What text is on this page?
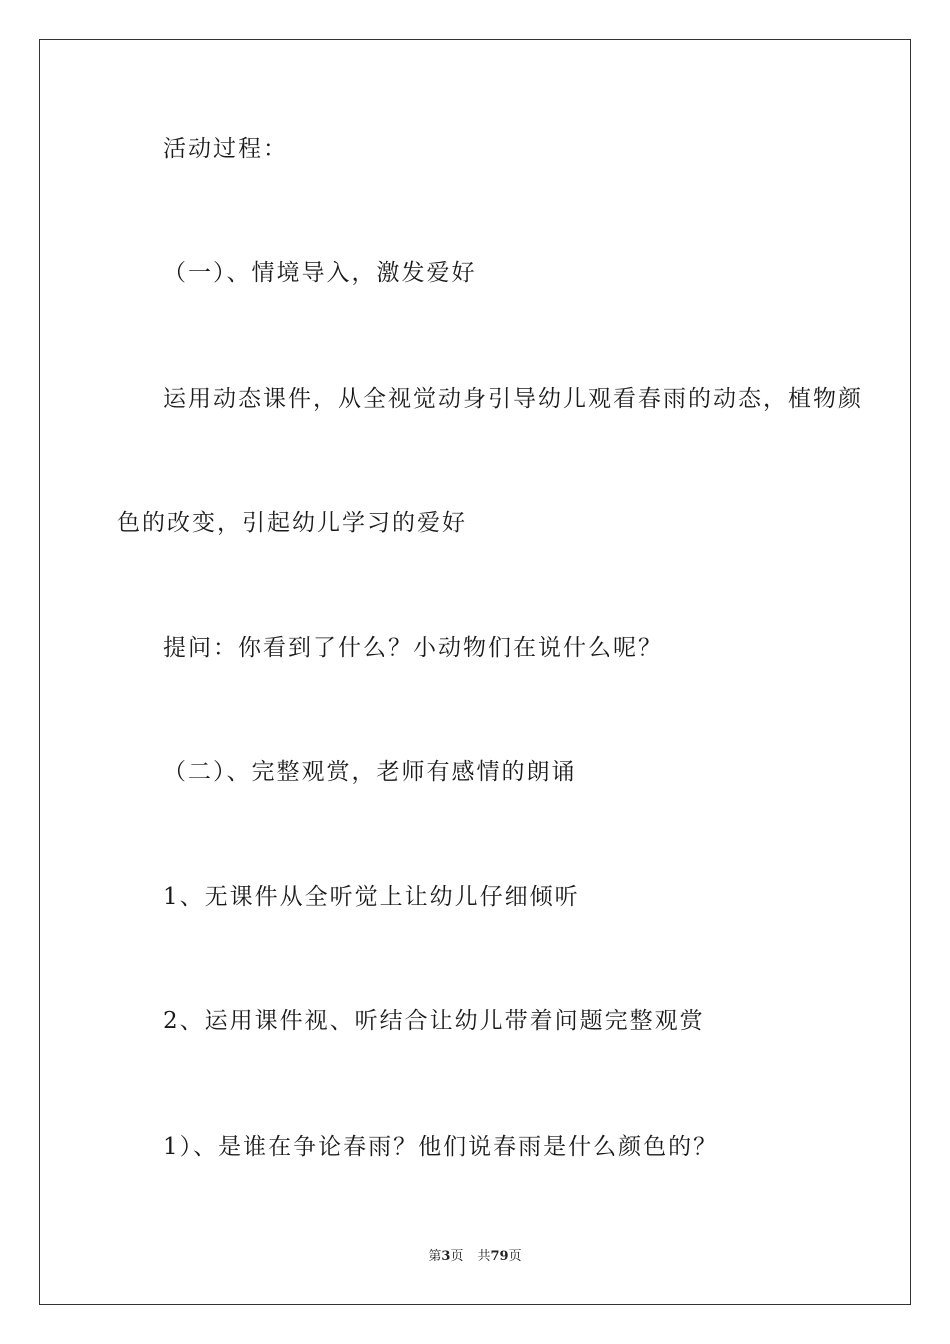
活动过程：
（一）、情境导入，激发爱好
运用动态课件，从全视觉动身引导幼儿观看春雨的动态，植物颜
色的改变，引起幼儿学习的爱好
提问：你看到了什么？小动物们在说什么呢？
（二）、完整观赏，老师有感情的朗诵
1、无课件从全听觉上让幼儿仔细倾听
2、运用课件视、听结合让幼儿带着问题完整观赏
1）、是谁在争论春雨？他们说春雨是什么颜色的？
第3页 共79页
